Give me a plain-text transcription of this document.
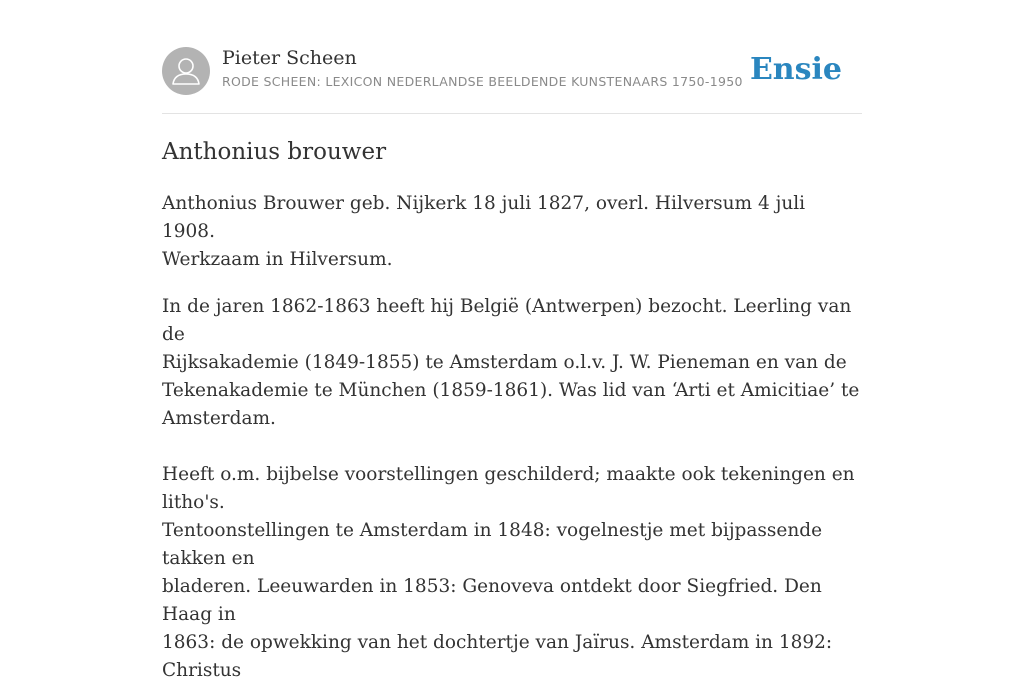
Pieter Scheen
RODE SCHEEN: LEXICON NEDERLANDSE BEELDENDE KUNSTENAARS 1750-1950 Ensie
Anthonius brouwer

Anthonius Brouwer geb. Nijkerk 18 juli 1827, overl. Hilversum 4 juli 1908.
Werkzaam in Hilversum.

In de jaren 1862-1863 heeft hij België (Antwerpen) bezocht. Leerling van de
Rijksakademie (1849-1855) te Amsterdam o.l.v. J. W. Pieneman en van de
Tekenakademie te München (1859-1861). Was lid van ‘Arti et Amicitiae’ te
Amsterdam.

Heeft o.m. bijbelse voorstellingen geschilderd; maakte ook tekeningen en litho's.
Tentoonstellingen te Amsterdam in 1848: vogelnestje met bijpassende takken en
bladeren. Leeuwarden in 1853: Genoveva ontdekt door Siegfried. Den Haag in
1863: de opwekking van het dochtertje van Jaïrus. Amsterdam in 1892: Christus
